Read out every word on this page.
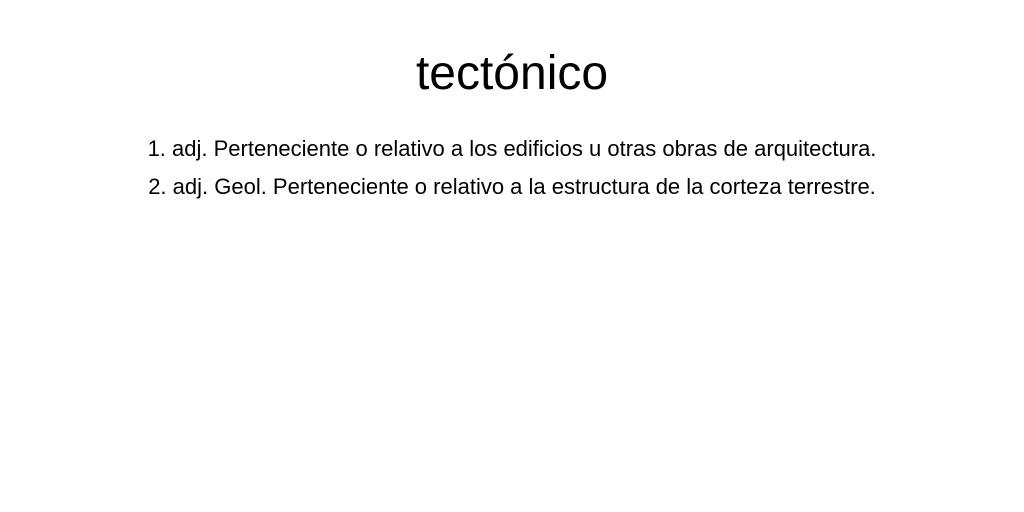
tectónico
1. adj. Perteneciente o relativo a los edificios u otras obras de arquitectura.
2. adj. Geol. Perteneciente o relativo a la estructura de la corteza terrestre.
